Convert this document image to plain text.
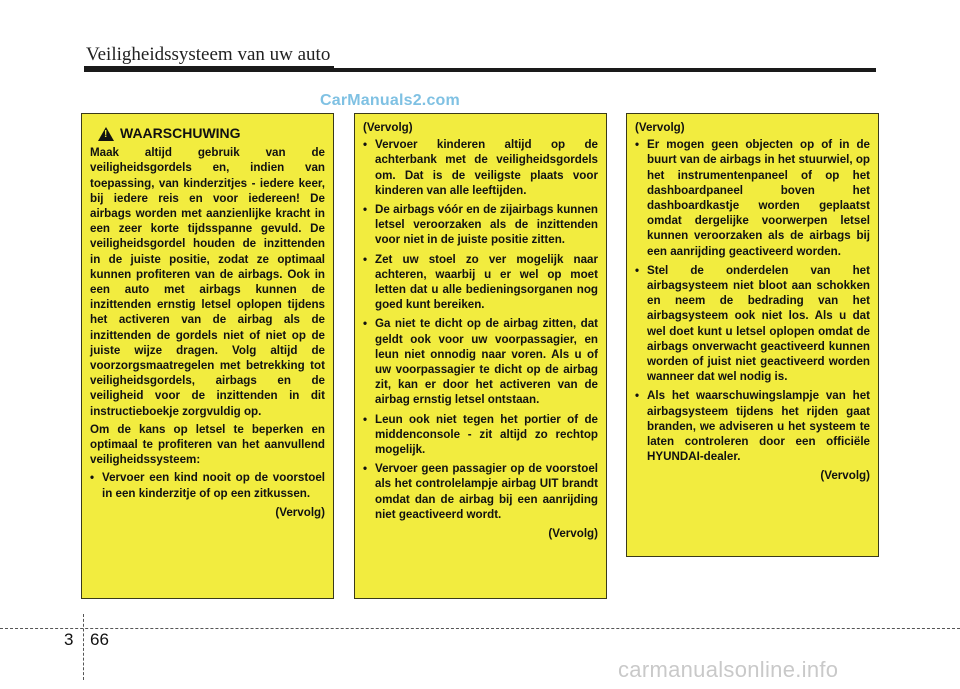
Veiligheidssysteem van uw auto
CarManuals2.com
! WAARSCHUWING

Maak altijd gebruik van de veiligheidsgordels en, indien van toepassing, van kinderzitjes - iedere keer, bij iedere reis en voor iedereen! De airbags worden met aanzienlijke kracht in een zeer korte tijdsspanne gevuld. De veiligheidsgordel houden de inzittenden in de juiste positie, zodat ze optimaal kunnen profiteren van de airbags. Ook in een auto met airbags kunnen de inzittenden ernstig letsel oplopen tijdens het activeren van de airbag als de inzittenden de gordels niet of niet op de juiste wijze dragen. Volg altijd de voorzorgsmaatregelen met betrekking tot veiligheidsgordels, airbags en de veiligheid voor de inzittenden in dit instructieboekje zorgvuldig op.

Om de kans op letsel te beperken en optimaal te profiteren van het aanvullend veiligheidssysteem:

• Vervoer een kind nooit op de voorstoel in een kinderzitje of op een zitkussen.
(Vervolg)
(Vervolg)
• Vervoer kinderen altijd op de achterbank met de veiligheidsgordels om. Dat is de veiligste plaats voor kinderen van alle leeftijden.
• De airbags vóór en de zijairbags kunnen letsel veroorzaken als de inzittenden voor niet in de juiste positie zitten.
• Zet uw stoel zo ver mogelijk naar achteren, waarbij u er wel op moet letten dat u alle bedieningsorganen nog goed kunt bereiken.
• Ga niet te dicht op de airbag zitten, dat geldt ook voor uw voorpassagier, en leun niet onnodig naar voren. Als u of uw voorpassagier te dicht op de airbag zit, kan er door het activeren van de airbag ernstig letsel ontstaan.
• Leun ook niet tegen het portier of de middenconsole - zit altijd zo rechtop mogelijk.
• Vervoer geen passagier op de voorstoel als het controlelampje airbag UIT brandt omdat dan de airbag bij een aanrijding niet geactiveerd wordt.
(Vervolg)
(Vervolg)
• Er mogen geen objecten op of in de buurt van de airbags in het stuurwiel, op het instrumentenpaneel of op het dashboardpaneel boven het dashboardkastje worden geplaatst omdat dergelijke voorwerpen letsel kunnen veroorzaken als de airbags bij een aanrijding geactiveerd worden.
• Stel de onderdelen van het airbagsysteem niet bloot aan schokken en neem de bedrading van het airbagsysteem ook niet los. Als u dat wel doet kunt u letsel oplopen omdat de airbags onverwacht geactiveerd kunnen worden of juist niet geactiveerd worden wanneer dat wel nodig is.
• Als het waarschuwingslampje van het airbagsysteem tijdens het rijden gaat branden, we adviseren u het systeem te laten controleren door een officiële HYUNDAI-dealer.
(Vervolg)
3 66
carmanualsonline.info
